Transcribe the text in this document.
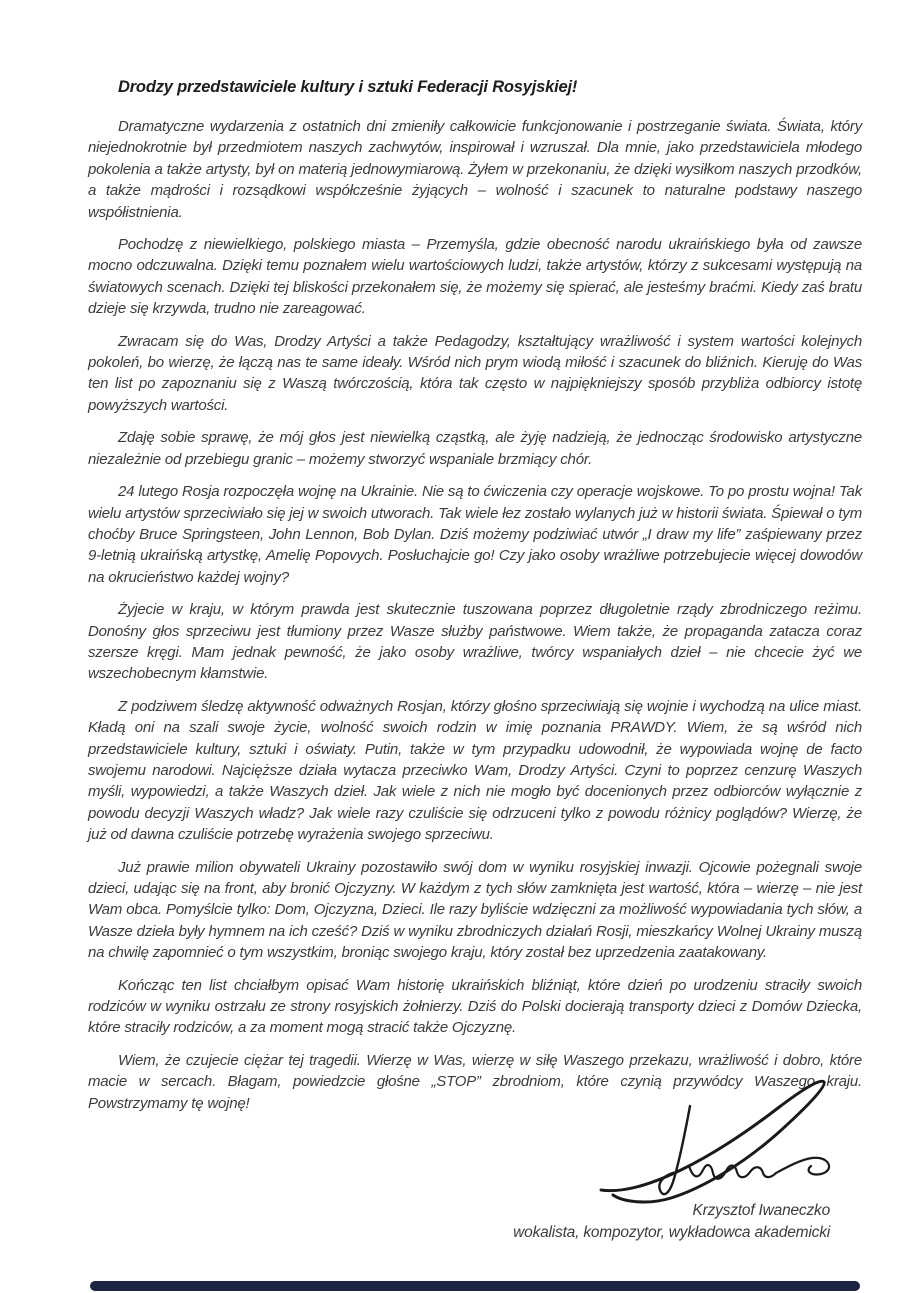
Drodzy przedstawiciele kultury i sztuki Federacji Rosyjskiej!

Dramatyczne wydarzenia z ostatnich dni zmieniły całkowicie funkcjonowanie i postrzeganie świata. Świata, który niejednokrotnie był przedmiotem naszych zachwytów, inspirował i wzruszał. Dla mnie, jako przedstawiciela młodego pokolenia a także artysty, był on materią jednowymiarową. Żyłem w przekonaniu, że dzięki wysiłkom naszych przodków, a także mądrości i rozsądkowi współcześnie żyjących – wolność i szacunek to naturalne podstawy naszego współistnienia.

Pochodzę z niewielkiego, polskiego miasta – Przemyśla, gdzie obecność narodu ukraińskiego była od zawsze mocno odczuwalna. Dzięki temu poznałem wielu wartościowych ludzi, także artystów, którzy z sukcesami występują na światowych scenach. Dzięki tej bliskości przekonałem się, że możemy się spierać, ale jesteśmy braćmi. Kiedy zaś bratu dzieje się krzywda, trudno nie zareagować.

Zwracam się do Was, Drodzy Artyści a także Pedagodzy, kształtujący wrażliwość i system wartości kolejnych pokoleń, bo wierzę, że łączą nas te same ideały. Wśród nich prym wiodą miłość i szacunek do bliźnich. Kieruję do Was ten list po zapoznaniu się z Waszą twórczością, która tak często w najpiękniejszy sposób przybliża odbiorcy istotę powyższych wartości.

Zdaję sobie sprawę, że mój głos jest niewielką cząstką, ale żyję nadzieją, że jednocząc środowisko artystyczne niezależnie od przebiegu granic – możemy stworzyć wspaniale brzmiący chór.

24 lutego Rosja rozpoczęła wojnę na Ukrainie. Nie są to ćwiczenia czy operacje wojskowe. To po prostu wojna! Tak wielu artystów sprzeciwiało się jej w swoich utworach. Tak wiele łez zostało wylanych już w historii świata. Śpiewał o tym choćby Bruce Springsteen, John Lennon, Bob Dylan. Dziś możemy podziwiać utwór „I draw my life” zaśpiewany przez 9-letnią ukraińską artystkę, Amelię Popovych. Posłuchajcie go! Czy jako osoby wrażliwe potrzebujecie więcej dowodów na okrucieństwo każdej wojny?

Żyjecie w kraju, w którym prawda jest skutecznie tuszowana poprzez długoletnie rządy zbrodniczego reżimu. Donośny głos sprzeciwu jest tłumiony przez Wasze służby państwowe. Wiem także, że propaganda zatacza coraz szersze kręgi. Mam jednak pewność, że jako osoby wrażliwe, twórcy wspaniałych dzieł – nie chcecie żyć we wszechobecnym kłamstwie.

Z podziwem śledzę aktywność odważnych Rosjan, którzy głośno sprzeciwiają się wojnie i wychodzą na ulice miast. Kładą oni na szali swoje życie, wolność swoich rodzin w imię poznania PRAWDY. Wiem, że są wśród nich przedstawiciele kultury, sztuki i oświaty. Putin, także w tym przypadku udowodnił, że wypowiada wojnę de facto swojemu narodowi. Najcięższe działa wytacza przeciwko Wam, Drodzy Artyści. Czyni to poprzez cenzurę Waszych myśli, wypowiedzi, a także Waszych dzieł. Jak wiele z nich nie mogło być docenionych przez odbiorców wyłącznie z powodu decyzji Waszych władz? Jak wiele razy czuliście się odrzuceni tylko z powodu różnicy poglądów? Wierzę, że już od dawna czuliście potrzebę wyrażenia swojego sprzeciwu.

Już prawie milion obywateli Ukrainy pozostawiło swój dom w wyniku rosyjskiej inwazji. Ojcowie pożegnali swoje dzieci, udając się na front, aby bronić Ojczyzny. W każdym z tych słów zamknięta jest wartość, która – wierzę – nie jest Wam obca. Pomyślcie tylko: Dom, Ojczyzna, Dzieci. Ile razy byliście wdzięczni za możliwość wypowiadania tych słów, a Wasze dzieła były hymnem na ich cześć? Dziś w wyniku zbrodniczych działań Rosji, mieszkańcy Wolnej Ukrainy muszą na chwilę zapomnieć o tym wszystkim, broniąc swojego kraju, który został bez uprzedzenia zaatakowany.

Kończąc ten list chciałbym opisać Wam historię ukraińskich bliźniąt, które dzień po urodzeniu straciły swoich rodziców w wyniku ostrzału ze strony rosyjskich żołnierzy. Dziś do Polski docierają transporty dzieci z Domów Dziecka, które straciły rodziców, a za moment mogą stracić także Ojczyznę.

Wiem, że czujecie ciężar tej tragedii. Wierzę w Was, wierzę w siłę Waszego przekazu, wrażliwość i dobro, które macie w sercach. Błagam, powiedzcie głośne „STOP” zbrodniom, które czynią przywódcy Waszego kraju. Powstrzymamy tę wojnę!

Krzysztof Iwaneczko
wokalista, kompozytor, wykładowca akademicki
